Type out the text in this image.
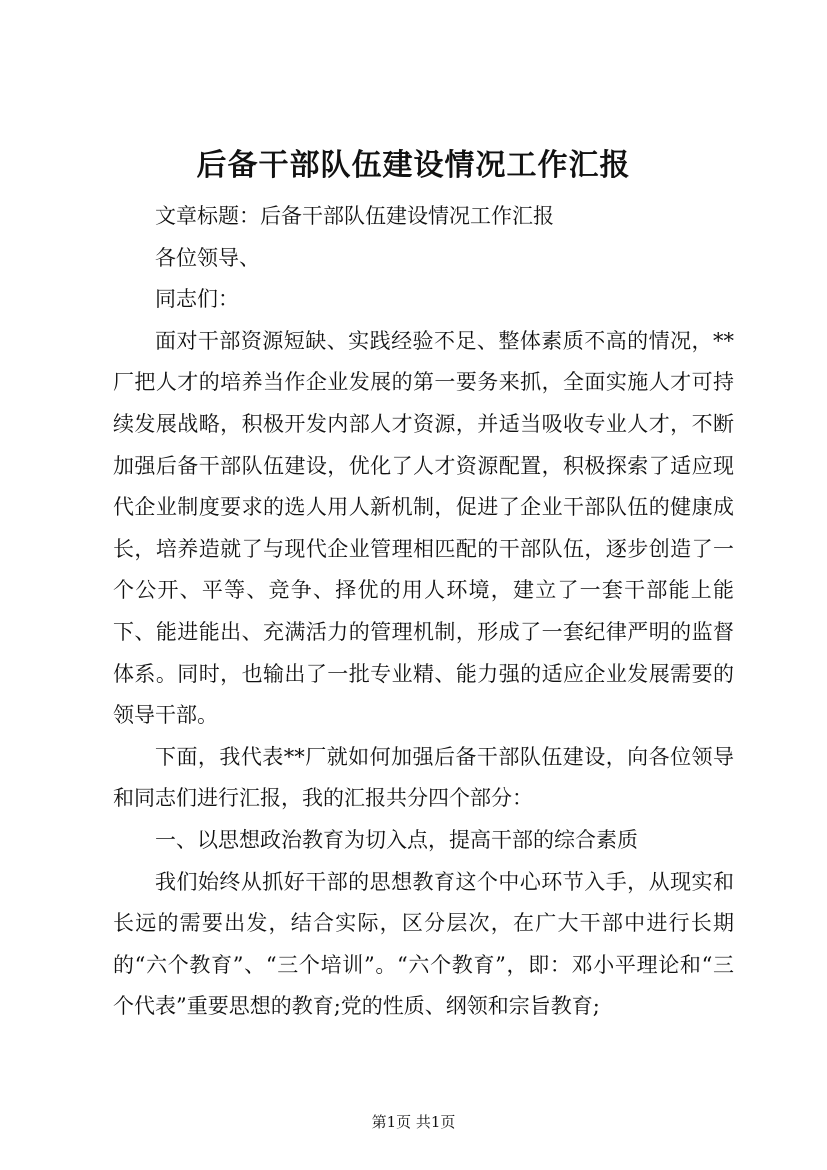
后备干部队伍建设情况工作汇报

文章标题：后备干部队伍建设情况工作汇报

各位领导、

同志们：

面对干部资源短缺、实践经验不足、整体素质不高的情况，**厂把人才的培养当作企业发展的第一要务来抓，全面实施人才可持续发展战略，积极开发内部人才资源，并适当吸收专业人才，不断加强后备干部队伍建设，优化了人才资源配置，积极探索了适应现代企业制度要求的选人用人新机制，促进了企业干部队伍的健康成长，培养造就了与现代企业管理相匹配的干部队伍，逐步创造了一个公开、平等、竞争、择优的用人环境，建立了一套干部能上能下、能进能出、充满活力的管理机制，形成了一套纪律严明的监督体系。同时，也输出了一批专业精、能力强的适应企业发展需要的领导干部。

下面，我代表**厂就如何加强后备干部队伍建设，向各位领导和同志们进行汇报，我的汇报共分四个部分：

一、以思想政治教育为切入点，提高干部的综合素质

我们始终从抓好干部的思想教育这个中心环节入手，从现实和长远的需要出发，结合实际，区分层次，在广大干部中进行长期的“六个教育”、“三个培训”。“六个教育”，即：邓小平理论和“三个代表”重要思想的教育;党的性质、纲领和宗旨教育;

第1页 共1页
